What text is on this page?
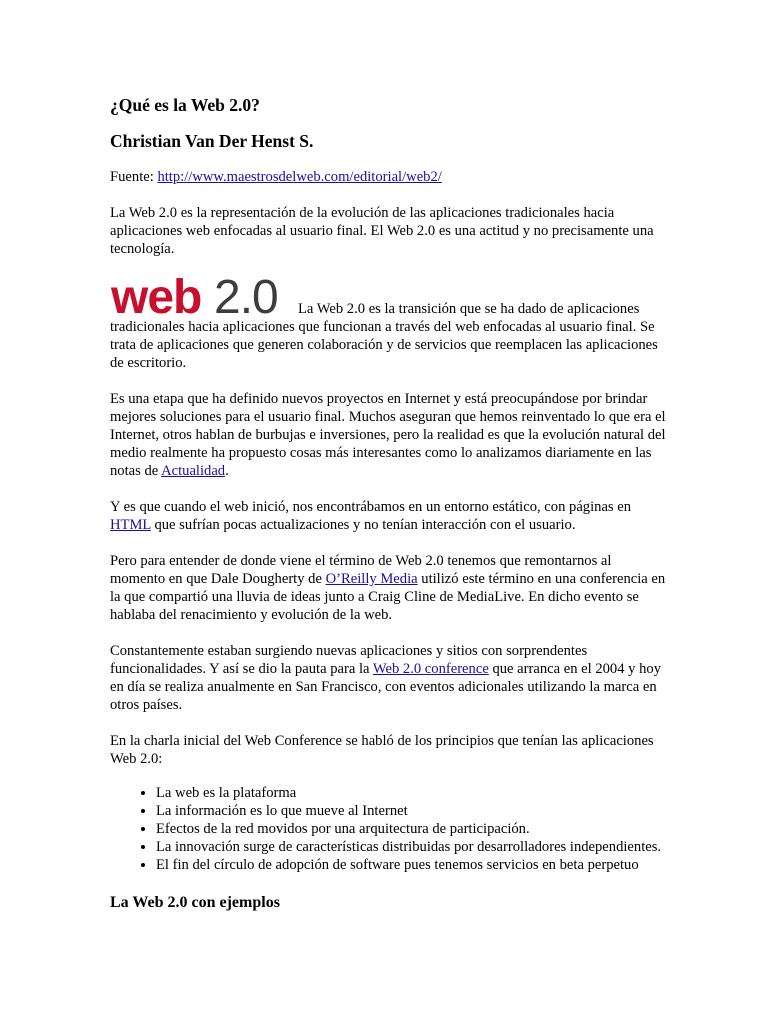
¿Qué es la Web 2.0?
Christian Van Der Henst S.

Fuente: http://www.maestrosdelweb.com/editorial/web2/

La Web 2.0 es la representación de la evolución de las aplicaciones tradicionales hacia aplicaciones web enfocadas al usuario final. El Web 2.0 es una actitud y no precisamente una tecnología.

web 2.0 La Web 2.0 es la transición que se ha dado de aplicaciones tradicionales hacia aplicaciones que funcionan a través del web enfocadas al usuario final. Se trata de aplicaciones que generen colaboración y de servicios que reemplacen las aplicaciones de escritorio.

Es una etapa que ha definido nuevos proyectos en Internet y está preocupándose por brindar mejores soluciones para el usuario final. Muchos aseguran que hemos reinventado lo que era el Internet, otros hablan de burbujas e inversiones, pero la realidad es que la evolución natural del medio realmente ha propuesto cosas más interesantes como lo analizamos diariamente en las notas de Actualidad.

Y es que cuando el web inició, nos encontrábamos en un entorno estático, con páginas en HTML que sufrían pocas actualizaciones y no tenían interacción con el usuario.

Pero para entender de donde viene el término de Web 2.0 tenemos que remontarnos al momento en que Dale Dougherty de O’Reilly Media utilizó este término en una conferencia en la que compartió una lluvia de ideas junto a Craig Cline de MediaLive. En dicho evento se hablaba del renacimiento y evolución de la web.

Constantemente estaban surgiendo nuevas aplicaciones y sitios con sorprendentes funcionalidades. Y así se dio la pauta para la Web 2.0 conference que arranca en el 2004 y hoy en día se realiza anualmente en San Francisco, con eventos adicionales utilizando la marca en otros países.

En la charla inicial del Web Conference se habló de los principios que tenían las aplicaciones Web 2.0:

• La web es la plataforma
• La información es lo que mueve al Internet
• Efectos de la red movidos por una arquitectura de participación.
• La innovación surge de características distribuidas por desarrolladores independientes.
• El fin del círculo de adopción de software pues tenemos servicios en beta perpetuo
La Web 2.0 con ejemplos
